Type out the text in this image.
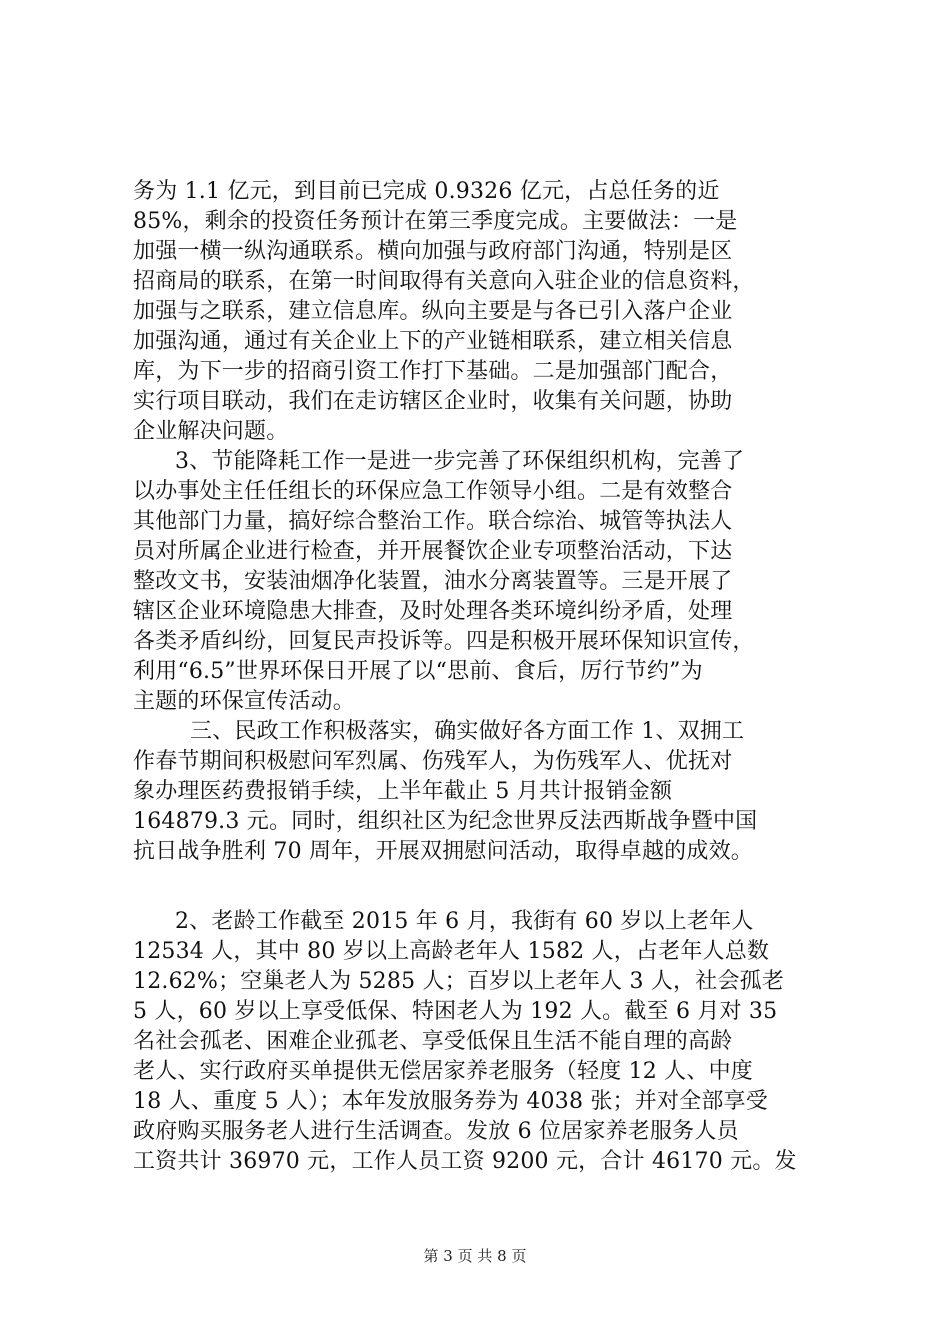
务为 1.1 亿元，到目前已完成 0.9326 亿元，占总任务的近
85%，剩余的投资任务预计在第三季度完成。主要做法：一是
加强一横一纵沟通联系。横向加强与政府部门沟通，特别是区
招商局的联系，在第一时间取得有关意向入驻企业的信息资料，
加强与之联系，建立信息库。纵向主要是与各已引入落户企业
加强沟通，通过有关企业上下的产业链相联系，建立相关信息
库，为下一步的招商引资工作打下基础。二是加强部门配合，
实行项目联动，我们在走访辖区企业时，收集有关问题，协助
企业解决问题。
3、节能降耗工作一是进一步完善了环保组织机构，完善了
以办事处主任任组长的环保应急工作领导小组。二是有效整合
其他部门力量，搞好综合整治工作。联合综治、城管等执法人
员对所属企业进行检查，并开展餐饮企业专项整治活动，下达
整改文书，安装油烟净化装置，油水分离装置等。三是开展了
辖区企业环境隐患大排查，及时处理各类环境纠纷矛盾，处理
各类矛盾纠纷，回复民声投诉等。四是积极开展环保知识宣传，
利用“6.5”世界环保日开展了以“思前、食后，厉行节约”为
主题的环保宣传活动。
三、民政工作积极落实，确实做好各方面工作 1、双拥工
作春节期间积极慰问军烈属、伤残军人，为伤残军人、优抚对
象办理医药费报销手续，上半年截止 5 月共计报销金额
164879.3 元。同时，组织社区为纪念世界反法西斯战争暨中国
抗日战争胜利 70 周年，开展双拥慰问活动，取得卓越的成效。
2、老龄工作截至 2015 年 6 月，我街有 60 岁以上老年人
12534 人，其中 80 岁以上高龄老年人 1582 人，占老年人总数
12.62%；空巢老人为 5285 人；百岁以上老年人 3 人，社会孤老
5 人，60 岁以上享受低保、特困老人为 192 人。截至 6 月对 35
名社会孤老、困难企业孤老、享受低保且生活不能自理的高龄
老人、实行政府买单提供无偿居家养老服务（轻度 12 人、中度
18 人、重度 5 人）；本年发放服务券为 4038 张；并对全部享受
政府购买服务老人进行生活调查。发放 6 位居家养老服务人员
工资共计 36970 元，工作人员工资 9200 元，合计 46170 元。发
第 3 页 共 8 页
